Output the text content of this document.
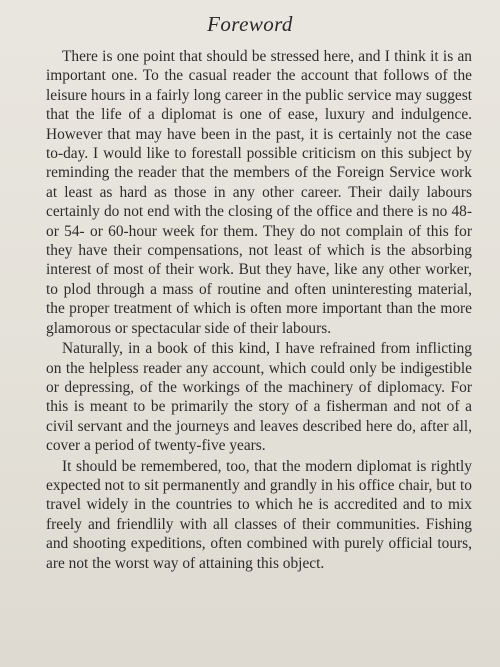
Foreword

There is one point that should be stressed here, and I think it is an important one. To the casual reader the account that follows of the leisure hours in a fairly long career in the public service may suggest that the life of a diplomat is one of ease, luxury and indulgence. However that may have been in the past, it is certainly not the case to-day. I would like to forestall possible criticism on this subject by reminding the reader that the members of the Foreign Service work at least as hard as those in any other career. Their daily labours certainly do not end with the closing of the office and there is no 48- or 54- or 60-hour week for them. They do not complain of this for they have their compensations, not least of which is the absorbing interest of most of their work. But they have, like any other worker, to plod through a mass of routine and often uninteresting material, the proper treatment of which is often more important than the more glamorous or spectacular side of their labours.

Naturally, in a book of this kind, I have refrained from inflicting on the helpless reader any account, which could only be indigestible or depressing, of the workings of the machinery of diplomacy. For this is meant to be primarily the story of a fisherman and not of a civil servant and the journeys and leaves described here do, after all, cover a period of twenty-five years.

It should be remembered, too, that the modern diplomat is rightly expected not to sit permanently and grandly in his office chair, but to travel widely in the countries to which he is accredited and to mix freely and friendlily with all classes of their communities. Fishing and shooting expeditions, often combined with purely official tours, are not the worst way of attaining this object.
